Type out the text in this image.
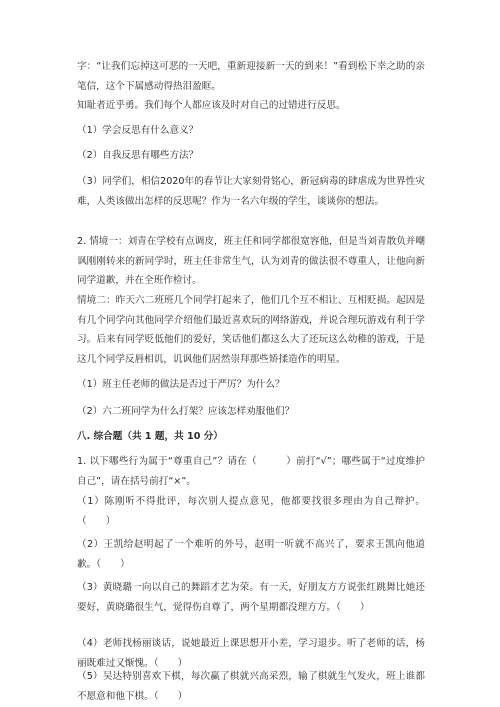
字：“让我们忘掉这可恶的一天吧，重新迎接新一天的到来！”看到松下幸之助的亲笔信，这个下属感动得热泪盈眶。

知耻者近乎勇。我们每个人都应该及时对自己的过错进行反思。

（1）学会反思有什么意义？

（2）自我反思有哪些方法？

（3）同学们，相信2020年的春节让大家刻骨铭心，新冠病毒的肆虐成为世界性灾难，人类该做出怎样的反思呢？作为一名六年级的学生，谈谈你的想法。

2. 情境一：刘青在学校有点调皮，班主任和同学都很宽容他，但是当刘青散负并嘲讽刚刚转来的新同学时，班主任非常生气，认为刘青的做法很不尊重人，让他向新同学道歉，并在全班作检讨。

情境二：昨天六二班班几个同学打起来了，他们几个互不相让、互相贬损。起因是有几个同学向其他同学介绍他们最近喜欢玩的网络游戏，并说合理玩游戏有利于学习。后来有同学贬低他们的爱好，笑话他们都这么大了还玩这么幼稚的游戏，于是这几个同学反唇相讥，讥讽他们居然崇拜那些矫揉造作的明星。

（1）班主任老师的做法是否过于严厉？为什么？

（2）六二班同学为什么打架？应该怎样劝服他们？

八. 综合题（共 1 题，共 10 分）

1. 以下哪些行为属于“尊重自己”？请在（　　　）前打“√”；哪些属于“过度维护自己”，请在括号前打“×”。

（1）陈刚听不得批评，每次别人提点意见，他都要找很多理由为自己辩护。（　　）

（2）王凯给赵明起了一个难听的外号，赵明一听就不高兴了，要求王凯向他道歉。（　　）

（3）黄晓璐一向以自己的舞蹈才艺为荣。有一天，好朋友方方说张红跳舞比她还要好，黄晓璐很生气，觉得伤自尊了，两个星期都没理方方。（　　）

（4）老师找杨丽谈话，说她最近上课思想开小差，学习退步。听了老师的话，杨丽既难过又惭愧。（　　）

（5）吴达特别喜欢下棋，每次赢了棋就兴高采烈，输了棋就生气发火，班上谁都不愿意和他下棋。（　　）
